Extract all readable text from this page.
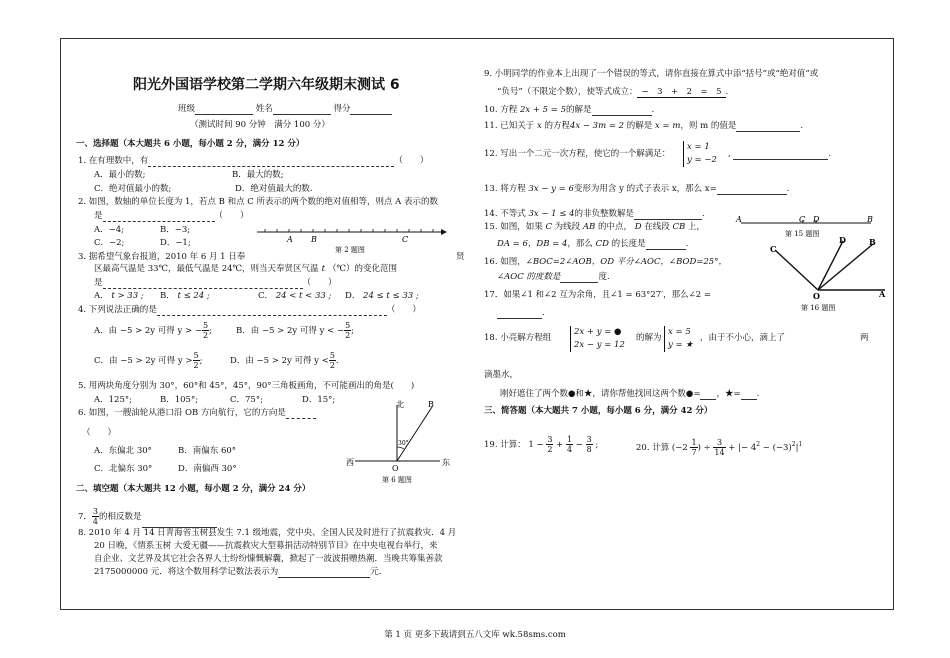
阳光外国语学校第二学期六年级期末测试 6
班级	姓名	得分
（测试时间 90 分钟　满分 100 分）
一、选择题（本大题共 6 小题，每小题 2 分，满分 12 分）
1. 在有理数中，有	（　　）
A．最小的数;	B．最大的数;
C．绝对值最小的数;	D．绝对值最大的数.
2. 如图，数轴的单位长度为 1，若点 B 和点 C 所表示的两个数的绝对值相等，则点 A 表示的数
是	（　　）
A．−4;	B．−3;
C．−2;	D．−1;	A B	C
第 2 题图
3. 据希望气象台报道，2010 年 6 月 1 日奉	贤
区最高气温是 33℃，最低气温是 24℃，则当天奉贤区气温 t （℃）的变化范围
是	（　　）
A． t > 33 ; B． t ≤ 24 ;	C． 24 < t < 33 ; D． 24 ≤ t ≤ 33 ;
4. 下列说法正确的是	（　　）
A．由 −5 > 2y 可得 y > − $\frac{5}{2}$ ;	B．由 −5 > 2y 可得 y < − $\frac{5}{2}$ ;
C．由 −5 > 2y 可得 $y > \frac{5}{2}$ ;	D．由 −5 > 2y 可得 $y < \frac{5}{2}$ .
5. 用两块角度分别为 30°，60°和 45°，45°，90°三角板画角，不可能画出的角是(　　)
A．125°;	B．105°;	C．75°;	D．15°;
6. 如图，一艘油轮从港口沿 OB 方向航行，它的方向是
（　　）
A．东偏北 30°	B．南偏东 60°
C．北偏东 30°	D．南偏西 30°
北	B
30°
西	东
O
第 6 题图
二、填空题（本大题共 12 小题，每小题 2 分，满分 24 分）
7． $\frac{3}{4}$ 的相反数是
8. 2010 年 4 月 14 日青海省玉树县发生 7.1 级地震，党中央、全国人民及时进行了抗震救灾．4 月
20 日晚，《情系玉树 大爱无疆——抗震救灾大型募捐活动特别节目》在中央电视台举行，来
自企业、文艺界及其它社会各界人士纷纷慷慨解囊，掀起了一波波捐赠热潮．当晚共筹集善款
2175000000 元．将这个数用科学记数法表示为	元.
9. 小明同学的作业本上出现了一个错误的等式，请你直接在算式中添“括号”或“绝对值”或
“负号”（不限定个数），使等式成立： −　3　+　2　=　5 .
10. 方程 2x + 5 = 5的解是	.
11. 已知关于 x 的方程4x − 3m = 2 的解是 x = m，则 m 的值是	.
12. 写出一个二元一次方程，使它的一个解满足：
x = 1
y = −2
,	.
13. 将方程 3x − y = 6变形为用含 y 的式子表示 x，那么 x=	.
14. 不等式 3x − 1 ≤ 4的非负整数解是	.
15. 如图，如果 C 为线段 AB 的中点， D 在线段 CB 上，
DA = 6，DB = 4，那么 CD 的长度是	.
A	C D	B
第 15 题图
16. 如图，∠BOC=2∠AOB，OD 平分∠AOC，∠BOD=25°，
∠AOC 的度数是	度.
C
D	B
A
O
第 16 题图
17．如果∠1 和∠2 互为余角，且∠1 = 63°27′，那么∠2 =
.
18. 小亮解方程组
2x + y = ●
2x − y = 12
的解为
x = 5
y = ★
，由于不小心，滴上了	两
滴墨水，
刚好遮住了两个数●和★，请你帮他找回这两个数●= ，★= .
三、简答题（本大题共 7 小题，每小题 6 分，满分 42 分）
19. 计算： $1 - \frac{3}{2} + \frac{1}{4} - \frac{3}{8}$ ;	20. 计算 ($-2 \frac{1}{7}$ ) ÷ $\frac{3}{14}$ + |− $4^2 - (-3)^2|^1$
第 1 页 更多下载请到五八文库 wk.58sms.com
